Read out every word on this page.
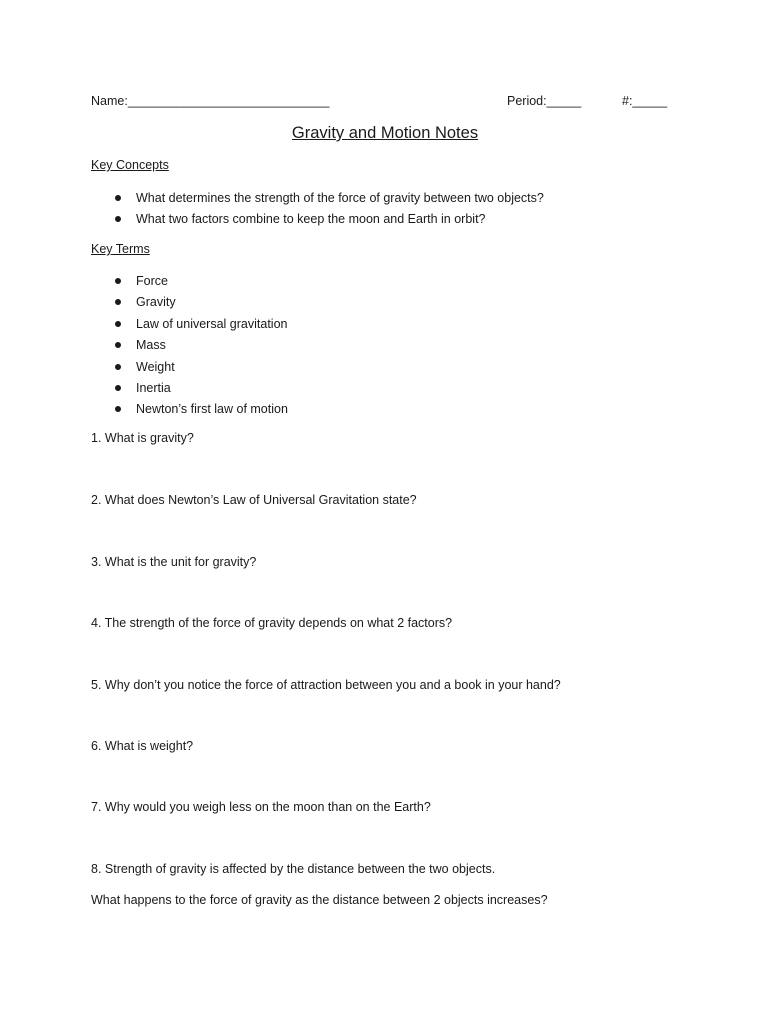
Name:_____________________________	Period:_____	#:_____
Gravity and Motion Notes
Key Concepts
What determines the strength of the force of gravity between two objects?
What two factors combine to keep the moon and Earth in orbit?
Key Terms
Force
Gravity
Law of universal gravitation
Mass
Weight
Inertia
Newton’s first law of motion
1. What is gravity?
2. What does Newton’s Law of Universal Gravitation state?
3. What is the unit for gravity?
4. The strength of the force of gravity depends on what 2 factors?
5. Why don’t you notice the force of attraction between you and a book in your hand?
6. What is weight?
7. Why would you weigh less on the moon than on the Earth?
8. Strength of gravity is affected by the distance between the two objects.
What happens to the force of gravity as the distance between 2 objects increases?
